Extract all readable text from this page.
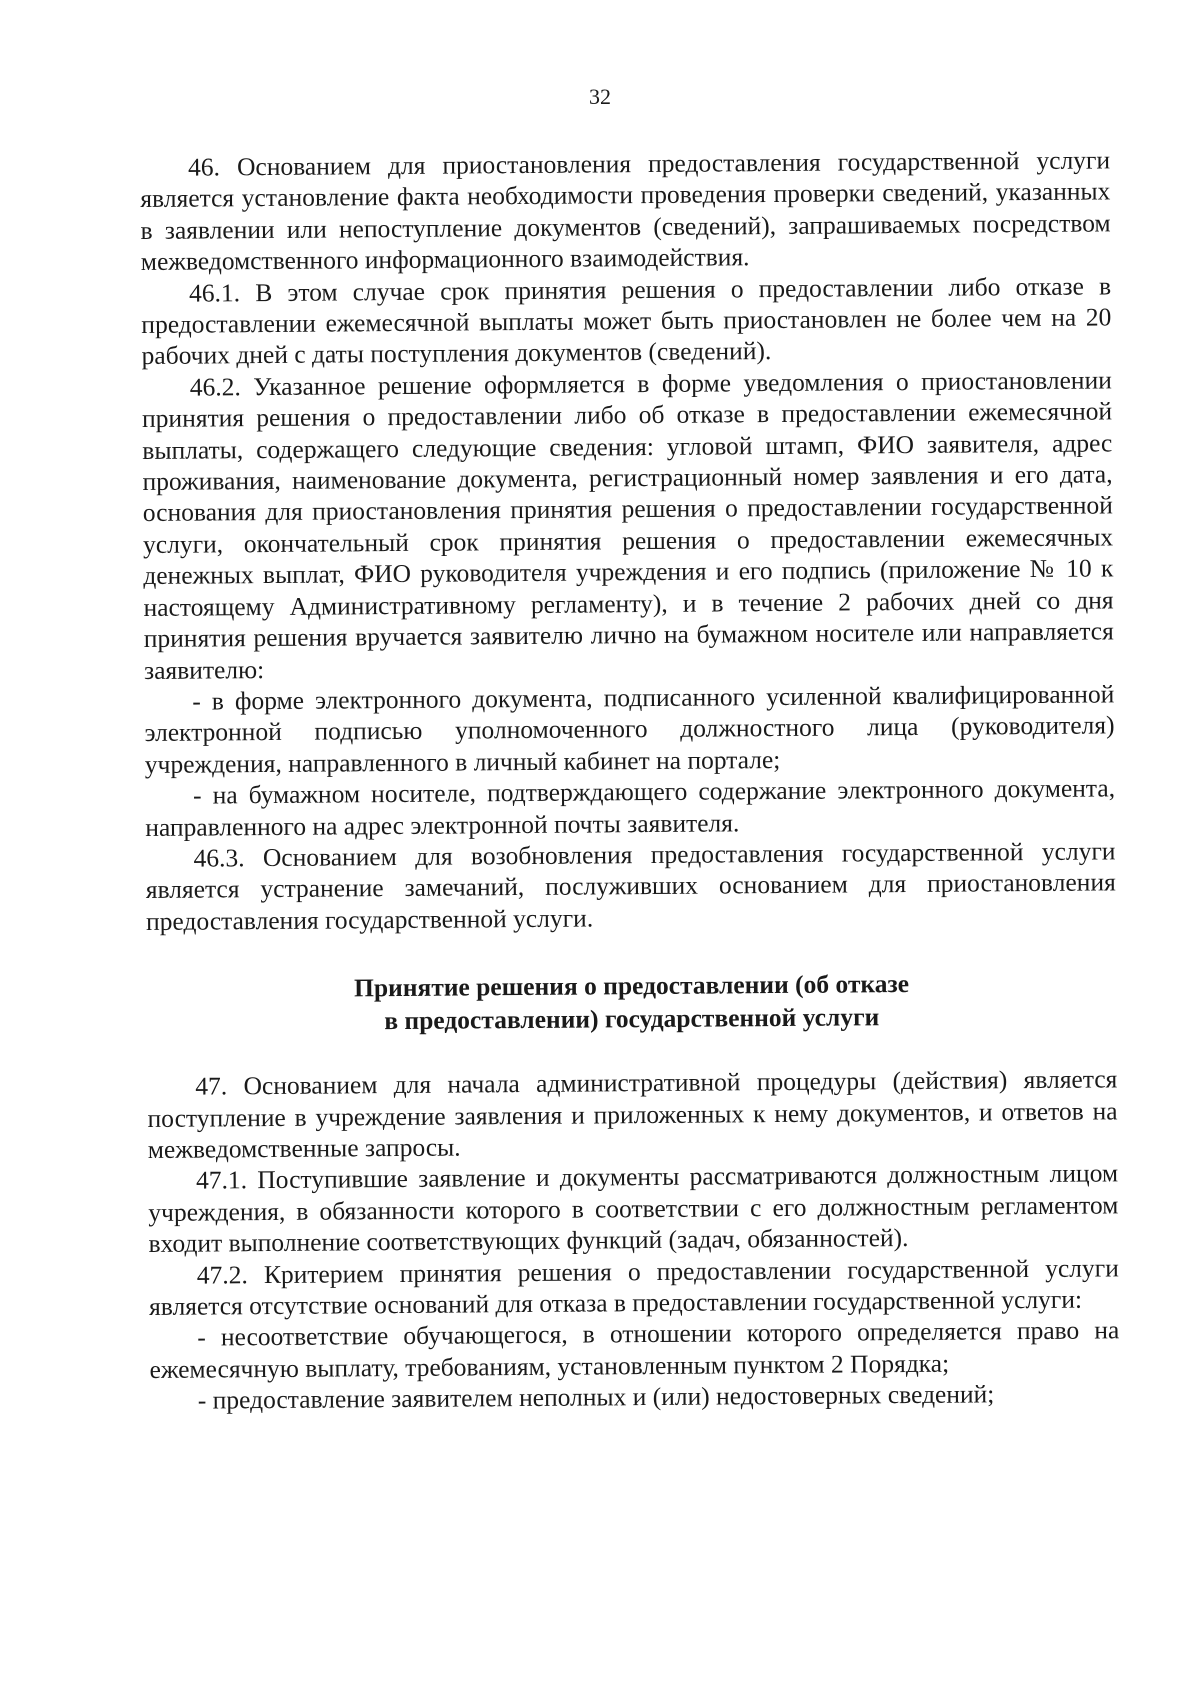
32

46. Основанием для приостановления предоставления государственной услуги является установление факта необходимости проведения проверки сведений, указанных в заявлении или непоступление документов (сведений), запрашиваемых посредством межведомственного информационного взаимодействия.

46.1. В этом случае срок принятия решения о предоставлении либо отказе в предоставлении ежемесячной выплаты может быть приостановлен не более чем на 20 рабочих дней с даты поступления документов (сведений).

46.2. Указанное решение оформляется в форме уведомления о приостановлении принятия решения о предоставлении либо об отказе в предоставлении ежемесячной выплаты, содержащего следующие сведения: угловой штамп, ФИО заявителя, адрес проживания, наименование документа, регистрационный номер заявления и его дата, основания для приостановления принятия решения о предоставлении государственной услуги, окончательный срок принятия решения о предоставлении ежемесячных денежных выплат, ФИО руководителя учреждения и его подпись (приложение № 10 к настоящему Административному регламенту), и в течение 2 рабочих дней со дня принятия решения вручается заявителю лично на бумажном носителе или направляется заявителю:

- в форме электронного документа, подписанного усиленной квалифицированной электронной подписью уполномоченного должностного лица (руководителя) учреждения, направленного в личный кабинет на портале;

- на бумажном носителе, подтверждающего содержание электронного документа, направленного на адрес электронной почты заявителя.

46.3. Основанием для возобновления предоставления государственной услуги является устранение замечаний, послуживших основанием для приостановления предоставления государственной услуги.

Принятие решения о предоставлении (об отказе
в предоставлении) государственной услуги

47. Основанием для начала административной процедуры (действия) является поступление в учреждение заявления и приложенных к нему документов, и ответов на межведомственные запросы.

47.1. Поступившие заявление и документы рассматриваются должностным лицом учреждения, в обязанности которого в соответствии с его должностным регламентом входит выполнение соответствующих функций (задач, обязанностей).

47.2. Критерием принятия решения о предоставлении государственной услуги является отсутствие оснований для отказа в предоставлении государственной услуги:

- несоответствие обучающегося, в отношении которого определяется право на ежемесячную выплату, требованиям, установленным пунктом 2 Порядка;

- предоставление заявителем неполных и (или) недостоверных сведений;
